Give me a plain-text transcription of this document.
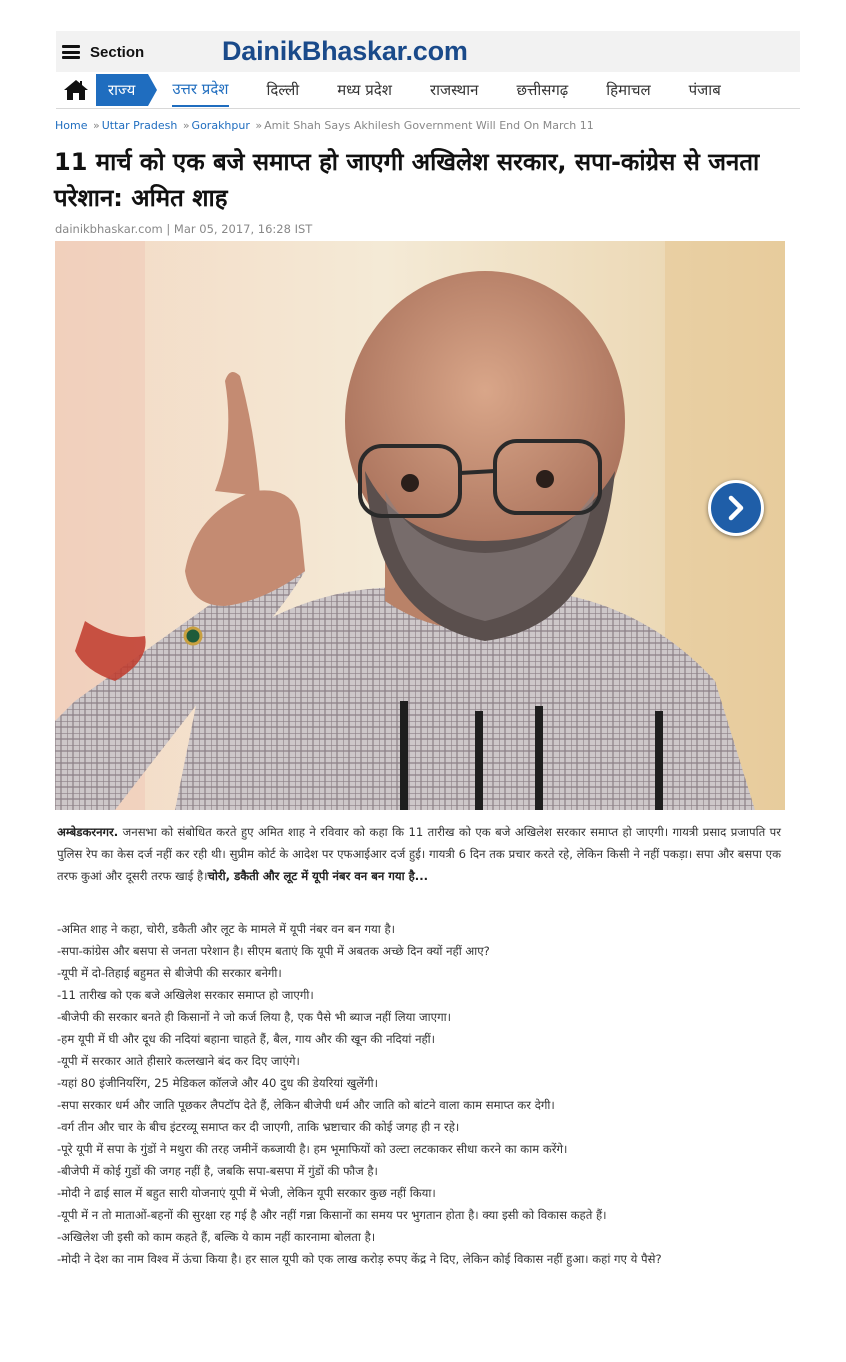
Section	DainikBhaskar.com
राज्य	उत्तर प्रदेश	दिल्ली	मध्य प्रदेश	राजस्थान	छत्तीसगढ़	हिमाचल	पंजाब
Home » Uttar Pradesh » Gorakhpur » Amit Shah Says Akhilesh Government Will End On March 11
11 मार्च को एक बजे समाप्त हो जाएगी अखिलेश सरकार, सपा-कांग्रेस से जनता परेशान: अमित शाह
dainikbhaskar.com | Mar 05, 2017, 16:28 IST

अम्बेडकरनगर. जनसभा को संबोधित करते हुए अमित शाह ने रविवार को कहा कि 11 तारीख को एक बजे अखिलेश सरकार समाप्त हो जाएगी। गायत्री प्रसाद प्रजापति पर पुलिस रेप का केस दर्ज नहीं कर रही थी। सुप्रीम कोर्ट के आदेश पर एफआईआर दर्ज हुई। गायत्री 6 दिन तक प्रचार करते रहे, लेकिन किसी ने नहीं पकड़ा। सपा और बसपा एक तरफ कुआं और दूसरी तरफ खाई है।चोरी, डकैती और लूट में यूपी नंबर वन बन गया है...

-अमित शाह ने कहा, चोरी, डकैती और लूट के मामले में यूपी नंबर वन बन गया है।
-सपा-कांग्रेस और बसपा से जनता परेशान है। सीएम बताएं कि यूपी में अबतक अच्छे दिन क्यों नहीं आए?
-यूपी में दो-तिहाई बहुमत से बीजेपी की सरकार बनेगी।
-11 तारीख को एक बजे अखिलेश सरकार समाप्त हो जाएगी।
-बीजेपी की सरकार बनते ही किसानों ने जो कर्ज लिया है, एक पैसे भी ब्याज नहीं लिया जाएगा।
-हम यूपी में घी और दूध की नदियां बहाना चाहते हैं, बैल, गाय और की खून की नदियां नहीं।
-यूपी में सरकार आते हीसारे कत्लखाने बंद कर दिए जाएंगे।
-यहां 80 इंजीनियरिंग, 25 मेडिकल कॉलजे और 40 दुध की डेयरियां खुलेंगी।
-सपा सरकार धर्म और जाति पूछकर लैपटॉप देते हैं, लेकिन बीजेपी धर्म और जाति को बांटने वाला काम समाप्त कर देगी।
-वर्ग तीन और चार के बीच इंटरव्यू समाप्त कर दी जाएगी, ताकि भ्रष्टाचार की कोई जगह ही न रहे।
-पूरे यूपी में सपा के गुंडों ने मथुरा की तरह जमीनें कब्जायी है। हम भूमाफियों को उल्टा लटकाकर सीधा करने का काम करेंगे।
-बीजेपी में कोई गुडों की जगह नहीं है, जबकि सपा-बसपा में गुंडों की फौज है।
-मोदी ने ढाई साल में बहुत सारी योजनाएं यूपी में भेजी, लेकिन यूपी सरकार कुछ नहीं किया।
-यूपी में न तो माताओं-बहनों की सुरक्षा रह गई है और नहीं गन्ना किसानों का समय पर भुगतान होता है। क्या इसी को विकास कहते हैं।
-अखिलेश जी इसी को काम कहते हैं, बल्कि ये काम नहीं कारनामा बोलता है।
-मोदी ने देश का नाम विश्व में ऊंचा किया है। हर साल यूपी को एक लाख करोड़ रुपए केंद्र ने दिए, लेकिन कोई विकास नहीं हुआ। कहां गए ये पैसे?
